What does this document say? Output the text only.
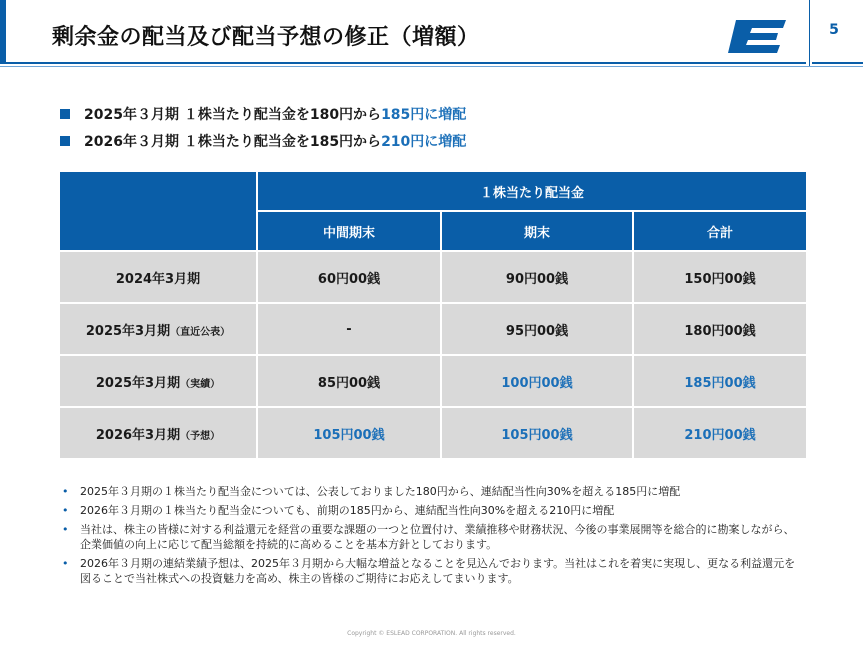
剰余金の配当及び配当予想の修正（増額）	5
2025年３月期 １株当たり配当金を180円から 185円に増配
2026年３月期 １株当たり配当金を185円から 210円に増配
	１株当たり配当金		
	中間期末	期末	合計
2024年3月期	60円00銭	90円00銭	150円00銭
2025年3月期（直近公表）	-	95円00銭	180円00銭
2025年3月期（実績）	85円00銭	100円00銭	185円00銭
2026年3月期（予想）	105円00銭	105円00銭	210円00銭
•	2025年３月期の１株当たり配当金については、公表しておりました180円から、連結配当性向30%を超える185円に増配
•	2026年３月期の１株当たり配当金についても、前期の185円から、連結配当性向30%を超える210円に増配
•	当社は、株主の皆様に対する利益還元を経営の重要な課題の一つと位置付け、業績推移や財務状況、今後の事業展開等を総合的に勘案しながら、企業価値の向上に応じて配当総額を持続的に高めることを基本方針としております。
•	2026年３月期の連結業績予想は、2025年３月期から大幅な増益となることを見込んでおります。当社はこれを着実に実現し、更なる利益還元を図ることで当社株式への投資魅力を高め、株主の皆様のご期待にお応えしてまいります。
Copyright © ESLEAD CORPORATION. All rights reserved.
